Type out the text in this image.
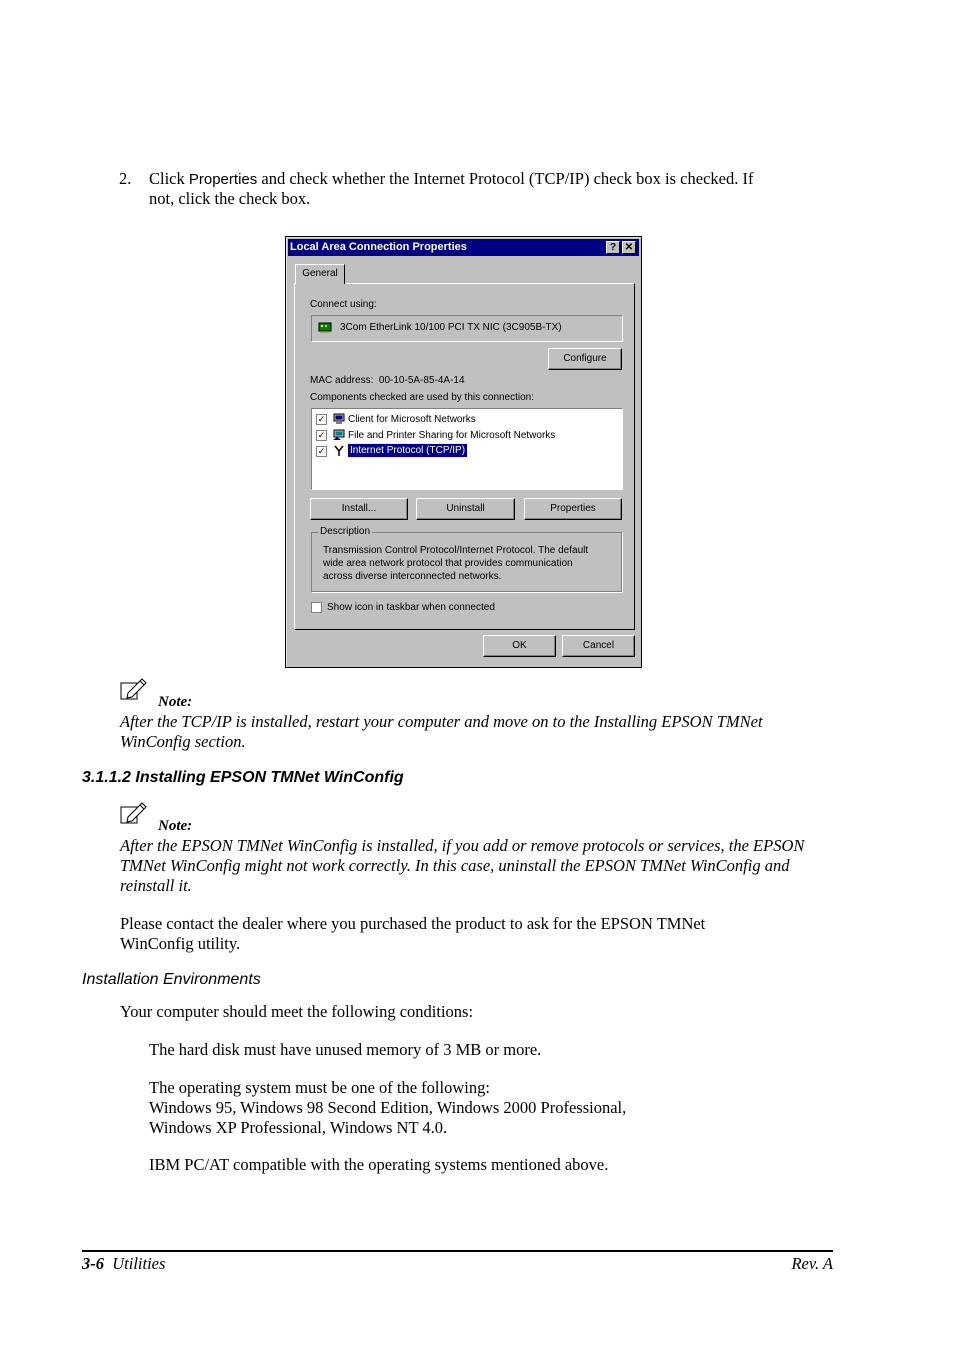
2. Click Properties and check whether the Internet Protocol (TCP/IP) check box is checked. If
not, click the check box.
Local Area Connection Properties	? ✕
General
Connect using:
3Com EtherLink 10/100 PCI TX NIC (3C905B-TX)
Configure
MAC address: 00-10-5A-85-4A-14
Components checked are used by this connection:
✓ Client for Microsoft Networks
✓ File and Printer Sharing for Microsoft Networks
✓ Internet Protocol (TCP/IP)
Install...	Uninstall	Properties
Description
Transmission Control Protocol/Internet Protocol. The default
wide area network protocol that provides communication
across diverse interconnected networks.
Show icon in taskbar when connected
OK	Cancel
Note:
After the TCP/IP is installed, restart your computer and move on to the Installing EPSON TMNet
WinConfig section.
3.1.1.2 Installing EPSON TMNet WinConfig
Note:
After the EPSON TMNet WinConfig is installed, if you add or remove protocols or services, the EPSON
TMNet WinConfig might not work correctly. In this case, uninstall the EPSON TMNet WinConfig and
reinstall it.
Please contact the dealer where you purchased the product to ask for the EPSON TMNet
WinConfig utility.
Installation Environments
Your computer should meet the following conditions:
The hard disk must have unused memory of 3 MB or more.
The operating system must be one of the following:
Windows 95, Windows 98 Second Edition, Windows 2000 Professional,
Windows XP Professional, Windows NT 4.0.
IBM PC/AT compatible with the operating systems mentioned above.
3-6 Utilities	Rev. A
